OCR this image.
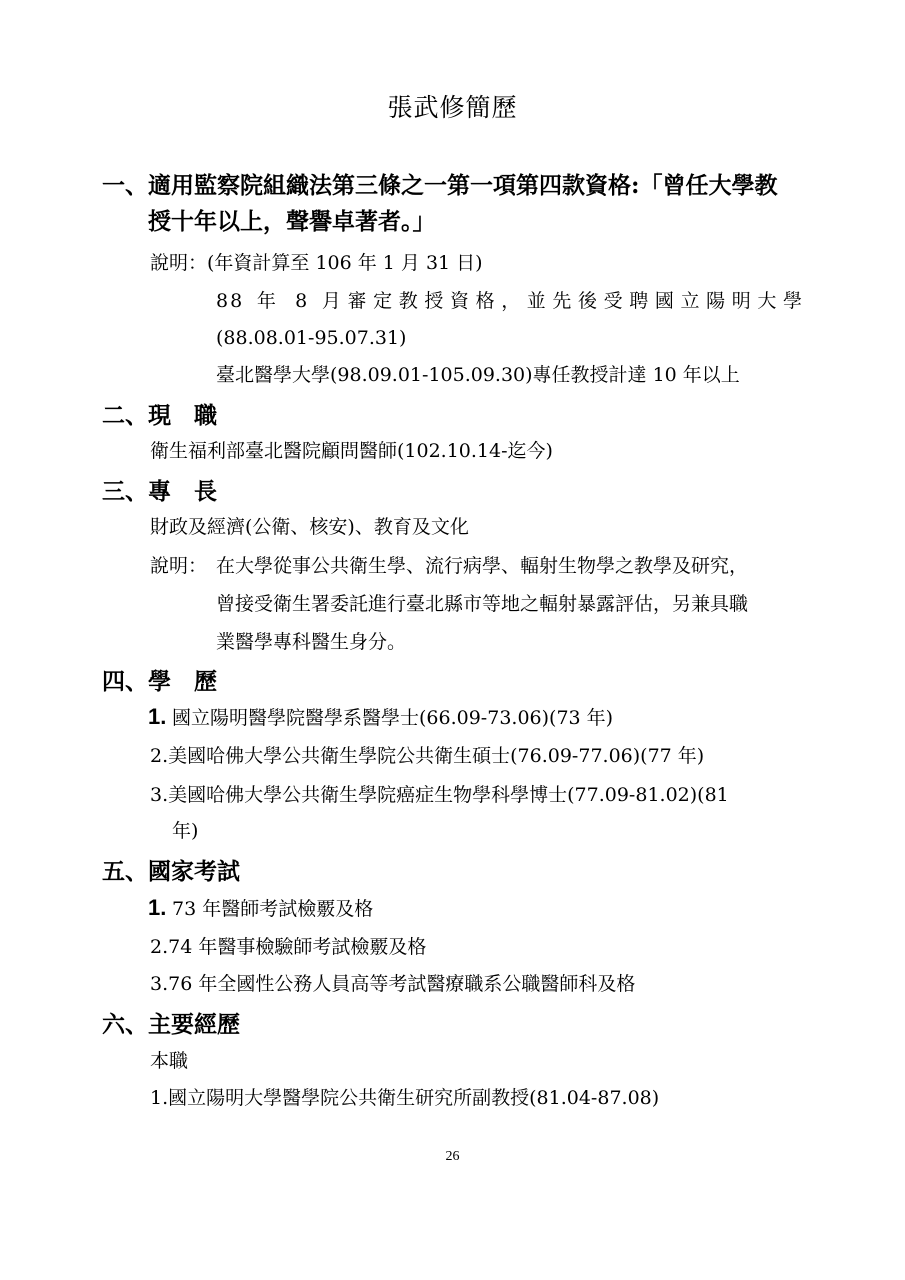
張武修簡歷
一、適用監察院組織法第三條之一第一項第四款資格:「曾任大學教
授十年以上，聲譽卓著者。」
說明：(年資計算至 106 年 1 月 31 日)
88 年 8 月審定教授資格，並先後受聘國立陽明大學
(88.08.01-95.07.31)
臺北醫學大學(98.09.01-105.09.30)專任教授計達 10 年以上
二、現　職
衛生福利部臺北醫院顧問醫師(102.10.14-迄今)
三、專　長
財政及經濟(公衛、核安)、教育及文化
說明： 在大學從事公共衛生學、流行病學、輻射生物學之教學及研究，
曾接受衛生署委託進行臺北縣市等地之輻射暴露評估，另兼具職
業醫學專科醫生身分。
四、學　歷
1. 國立陽明醫學院醫學系醫學士(66.09-73.06)(73 年)
2.美國哈佛大學公共衛生學院公共衛生碩士(76.09-77.06)(77 年)
3.美國哈佛大學公共衛生學院癌症生物學科學博士(77.09-81.02)(81
年)
五、國家考試
1. 73 年醫師考試檢覈及格
2.74 年醫事檢驗師考試檢覈及格
3.76 年全國性公務人員高等考試醫療職系公職醫師科及格
六、主要經歷
本職
1.國立陽明大學醫學院公共衛生研究所副教授(81.04-87.08)
26
